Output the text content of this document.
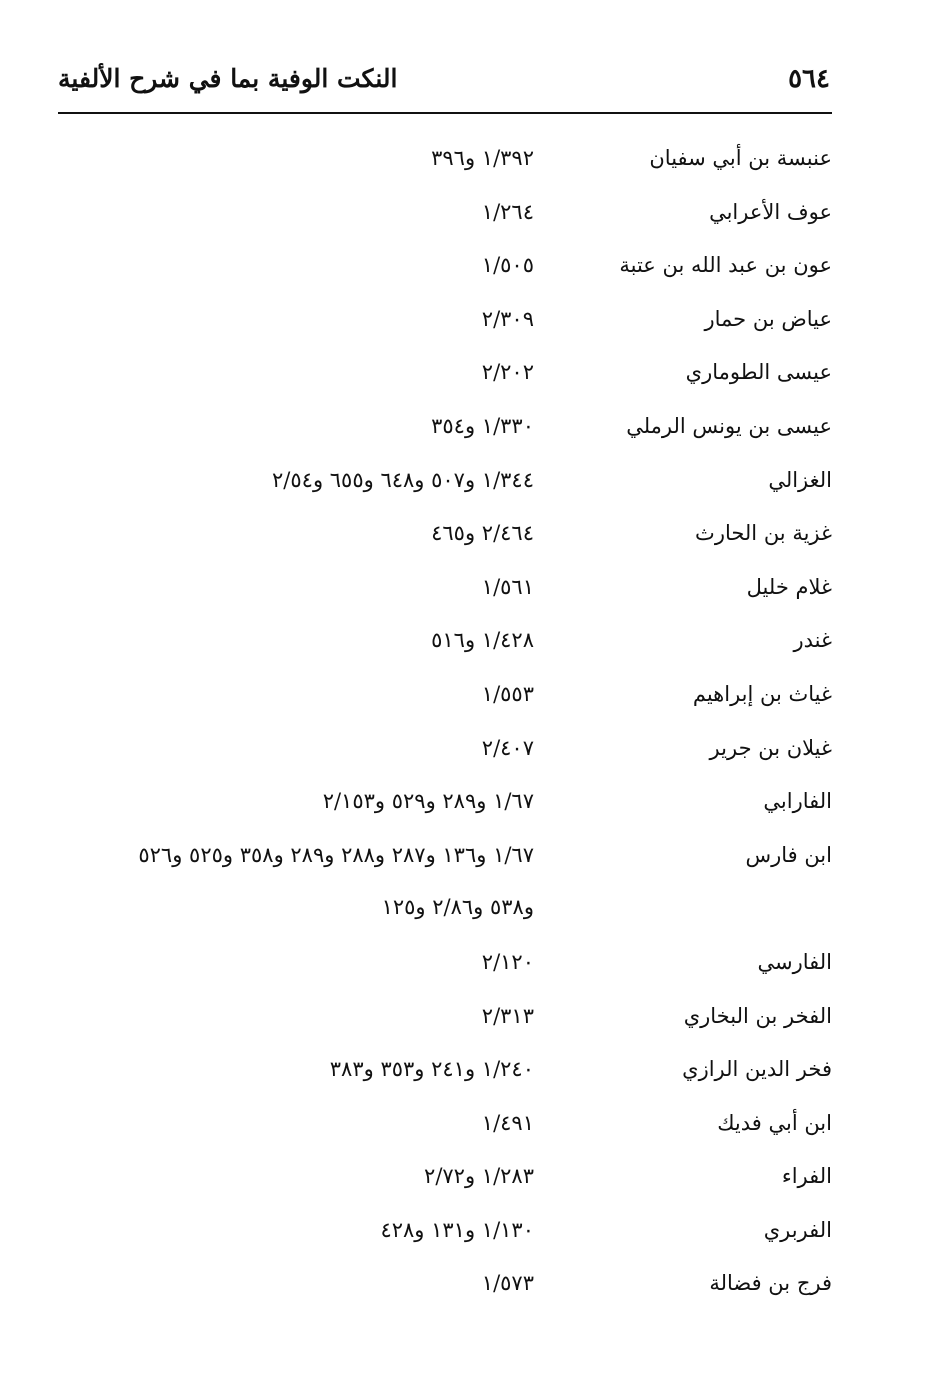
٥٦٤
النكت الوفية بما في شرح الألفية
عنبسة بن أبي سفيان
١/٣٩٢ و٣٩٦
عوف الأعرابي
١/٢٦٤
عون بن عبد الله بن عتبة
١/٥٠٥
عياض بن حمار
٢/٣٠٩
عيسى الطوماري
٢/٢٠٢
عيسى بن يونس الرملي
١/٣٣٠ و٣٥٤
الغزالي
١/٣٤٤ و٥٠٧ و٦٤٨ و٦٥٥ و٢/٥٤
غزية بن الحارث
٢/٤٦٤ و٤٦٥
غلام خليل
١/٥٦١
غندر
١/٤٢٨ و٥١٦
غياث بن إبراهيم
١/٥٥٣
غيلان بن جرير
٢/٤٠٧
الفارابي
١/٦٧ و٢٨٩ و٥٢٩ و٢/١٥٣
ابن فارس
١/٦٧ و١٣٦ و٢٨٧ و٢٨٨ و٢٨٩ و٣٥٨ و٥٢٥ و٥٢٦
و٥٣٨ و٢/٨٦ و١٢٥
الفارسي
٢/١٢٠
الفخر بن البخاري
٢/٣١٣
فخر الدين الرازي
١/٢٤٠ و٢٤١ و٣٥٣ و٣٨٣
ابن أبي فديك
١/٤٩١
الفراء
١/٢٨٣ و٢/٧٢
الفربري
١/١٣٠ و١٣١ و٤٢٨
فرج بن فضالة
١/٥٧٣
